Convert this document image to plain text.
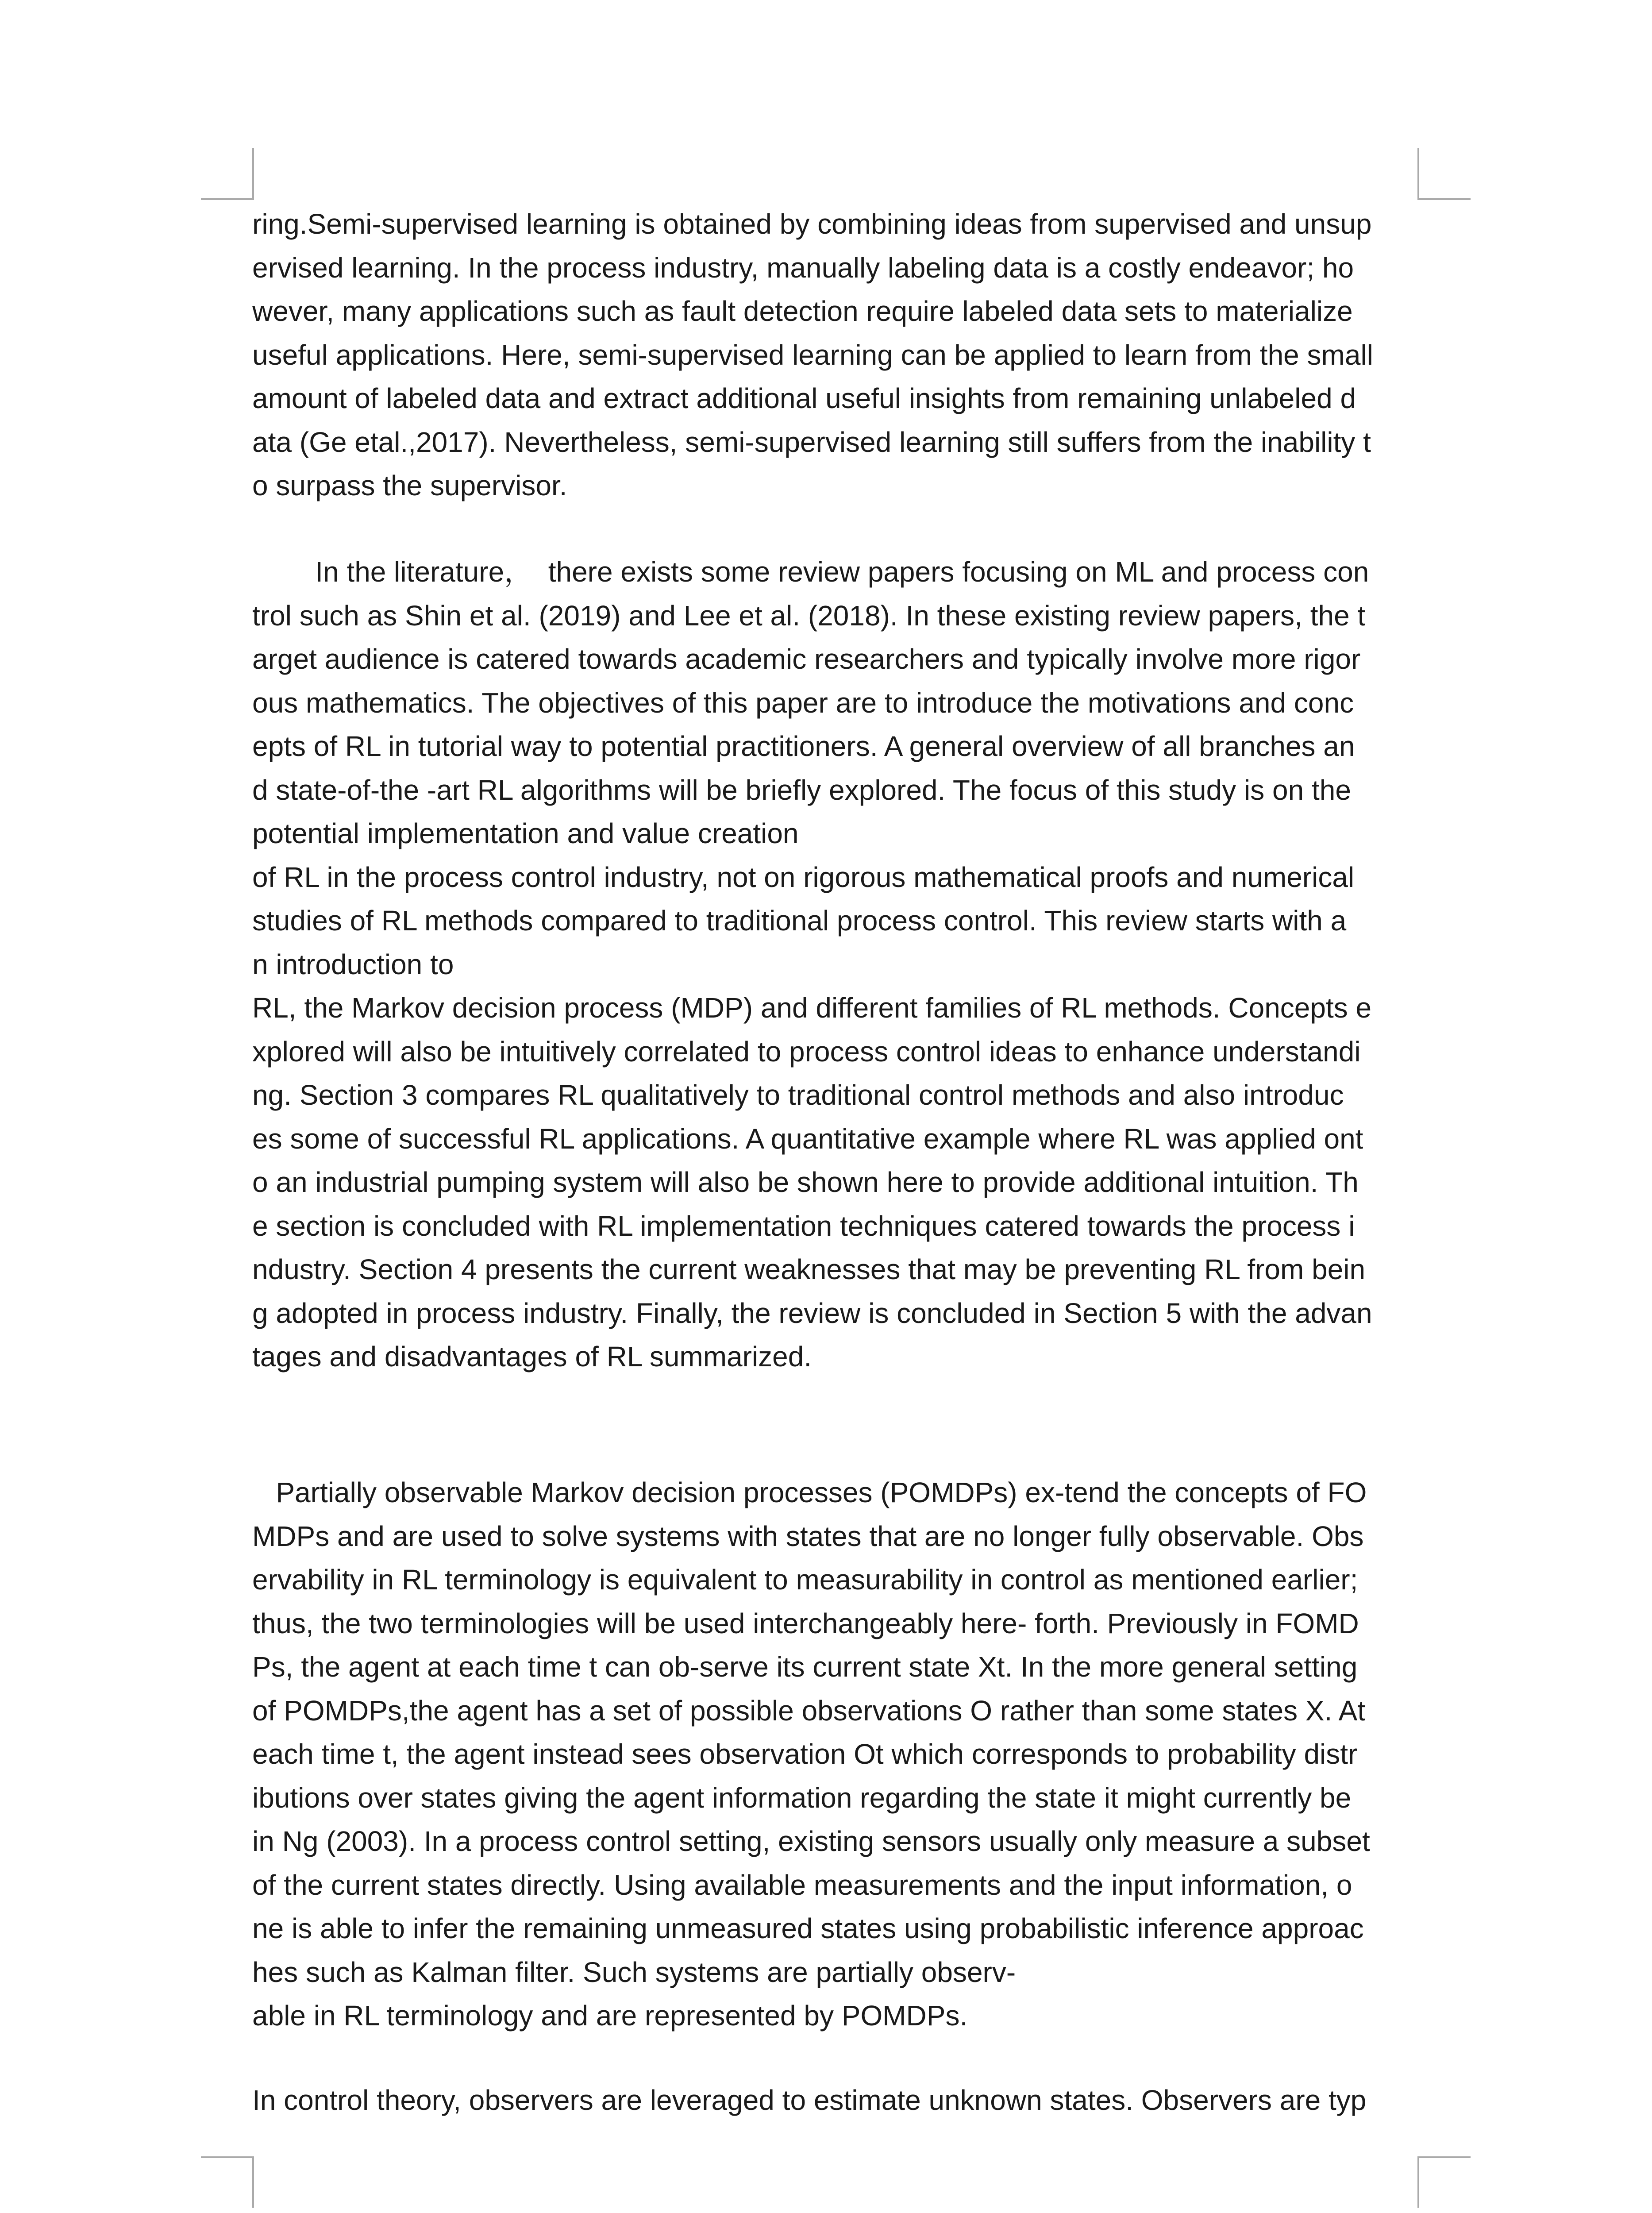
ring.Semi-supervised learning is obtained by combining ideas from supervised and unsup
ervised learning. In the process industry, manually labeling data is a costly endeavor; ho
wever, many applications such as fault detection require labeled data sets to materialize
useful applications. Here, semi-supervised learning can be applied to learn from the small
amount of labeled data and extract additional useful insights from remaining unlabeled d
ata (Ge etal.,2017). Nevertheless, semi-supervised learning still suffers from the inability t
o surpass the supervisor.
In the literature，  there exists some review papers focusing on ML and process con
trol such as Shin et al. (2019) and Lee et al. (2018). In these existing review papers, the t
arget audience is catered towards academic researchers and typically involve more rigor
ous mathematics. The objectives of this paper are to introduce the motivations and conc
epts of RL in tutorial way to potential practitioners. A general overview of all branches an
d state-of-the -art RL algorithms will be briefly explored. The focus of this study is on the
potential implementation and value creation
of RL in the process control industry, not on rigorous mathematical proofs and numerical
studies of RL methods compared to traditional process control. This review starts with a
n introduction to
RL, the Markov decision process (MDP) and different families of RL methods. Concepts e
xplored will also be intuitively correlated to process control ideas to enhance understandi
ng. Section 3 compares RL qualitatively to traditional control methods and also introduc
es some of successful RL applications. A quantitative example where RL was applied ont
o an industrial pumping system will also be shown here to provide additional intuition. Th
e section is concluded with RL implementation techniques catered towards the process i
ndustry. Section 4 presents the current weaknesses that may be preventing RL from bein
g adopted in process industry. Finally, the review is concluded in Section 5 with the advan
tages and disadvantages of RL summarized.
Partially observable Markov decision processes (POMDPs) ex-tend the concepts of FO
MDPs and are used to solve systems with states that are no longer fully observable. Obs
ervability in RL terminology is equivalent to measurability in control as mentioned earlier;
thus, the two terminologies will be used interchangeably here- forth. Previously in FOMD
Ps, the agent at each time t can ob-serve its current state Xt. In the more general setting
of POMDPs,the agent has a set of possible observations O rather than some states X. At
each time t, the agent instead sees observation Ot which corresponds to probability distr
ibutions over states giving the agent information regarding the state it might currently be
in Ng (2003). In a process control setting, existing sensors usually only measure a subset
of the current states directly. Using available measurements and the input information, o
ne is able to infer the remaining unmeasured states using probabilistic inference approac
hes such as Kalman filter. Such systems are partially observ-
able in RL terminology and are represented by POMDPs.
In control theory, observers are leveraged to estimate unknown states. Observers are typ
